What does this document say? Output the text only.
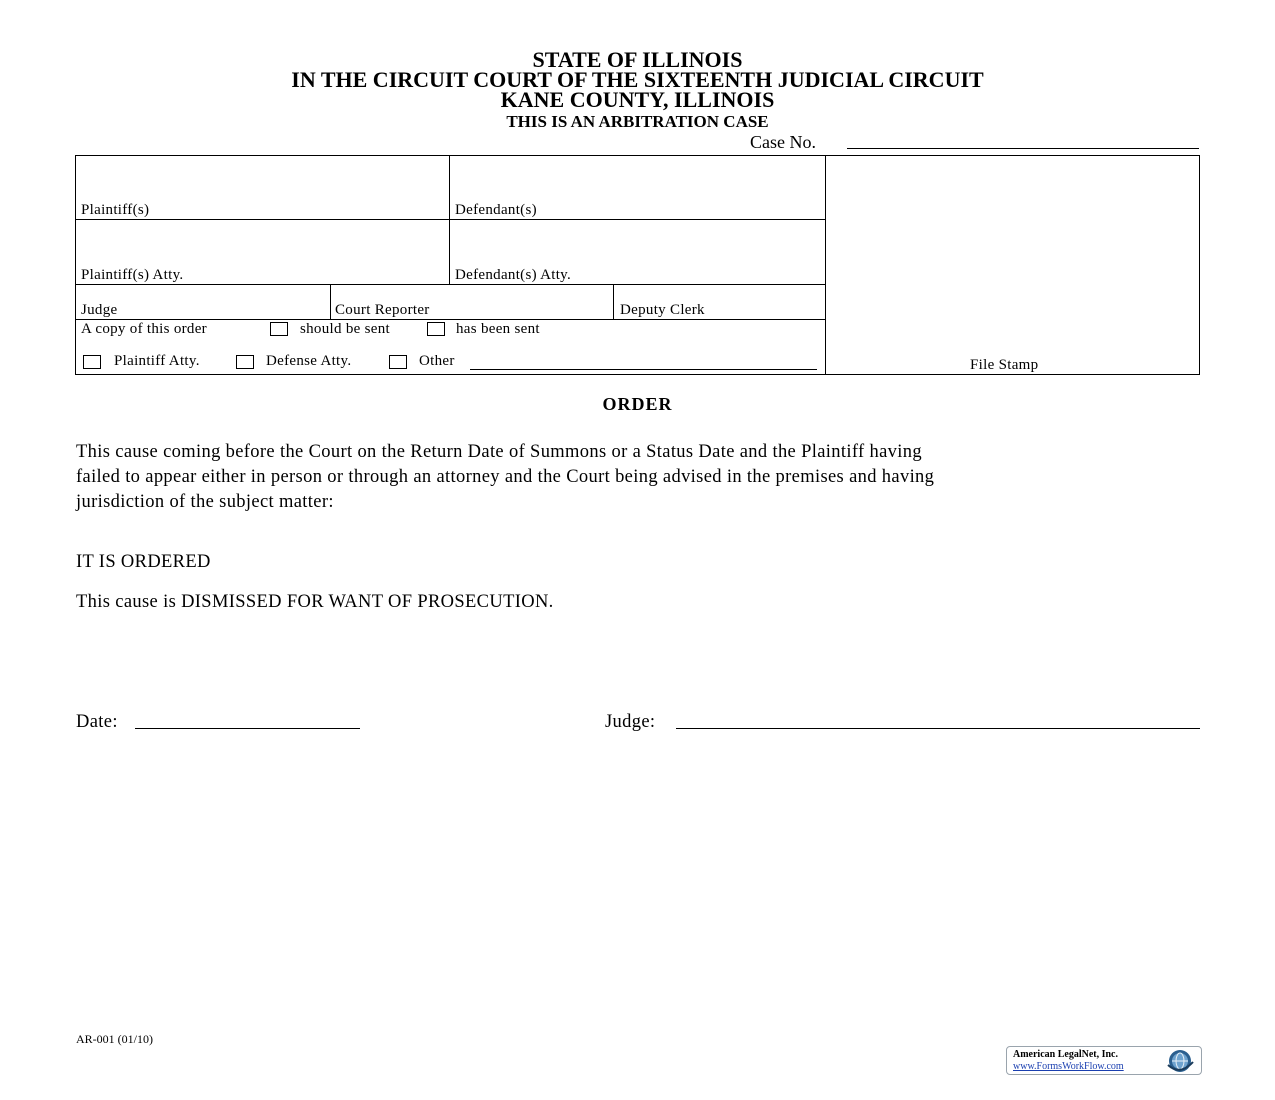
STATE OF ILLINOIS
IN THE CIRCUIT COURT OF THE SIXTEENTH JUDICIAL CIRCUIT
KANE COUNTY, ILLINOIS
THIS IS AN ARBITRATION CASE
Case No.
Plaintiff(s)	Defendant(s)
Plaintiff(s) Atty.	Defendant(s) Atty.
Judge	Court Reporter	Deputy Clerk
A copy of this order	should be sent	has been sent
Plaintiff Atty.	Defense Atty.	Other	File Stamp
ORDER
This cause coming before the Court on the Return Date of Summons or a Status Date and the Plaintiff having
failed to appear either in person or through an attorney and the Court being advised in the premises and having
jurisdiction of the subject matter:
IT IS ORDERED
This cause is DISMISSED FOR WANT OF PROSECUTION.
Date:	Judge:
AR-001 (01/10)
American LegalNet, Inc.
www.FormsWorkFlow.com
